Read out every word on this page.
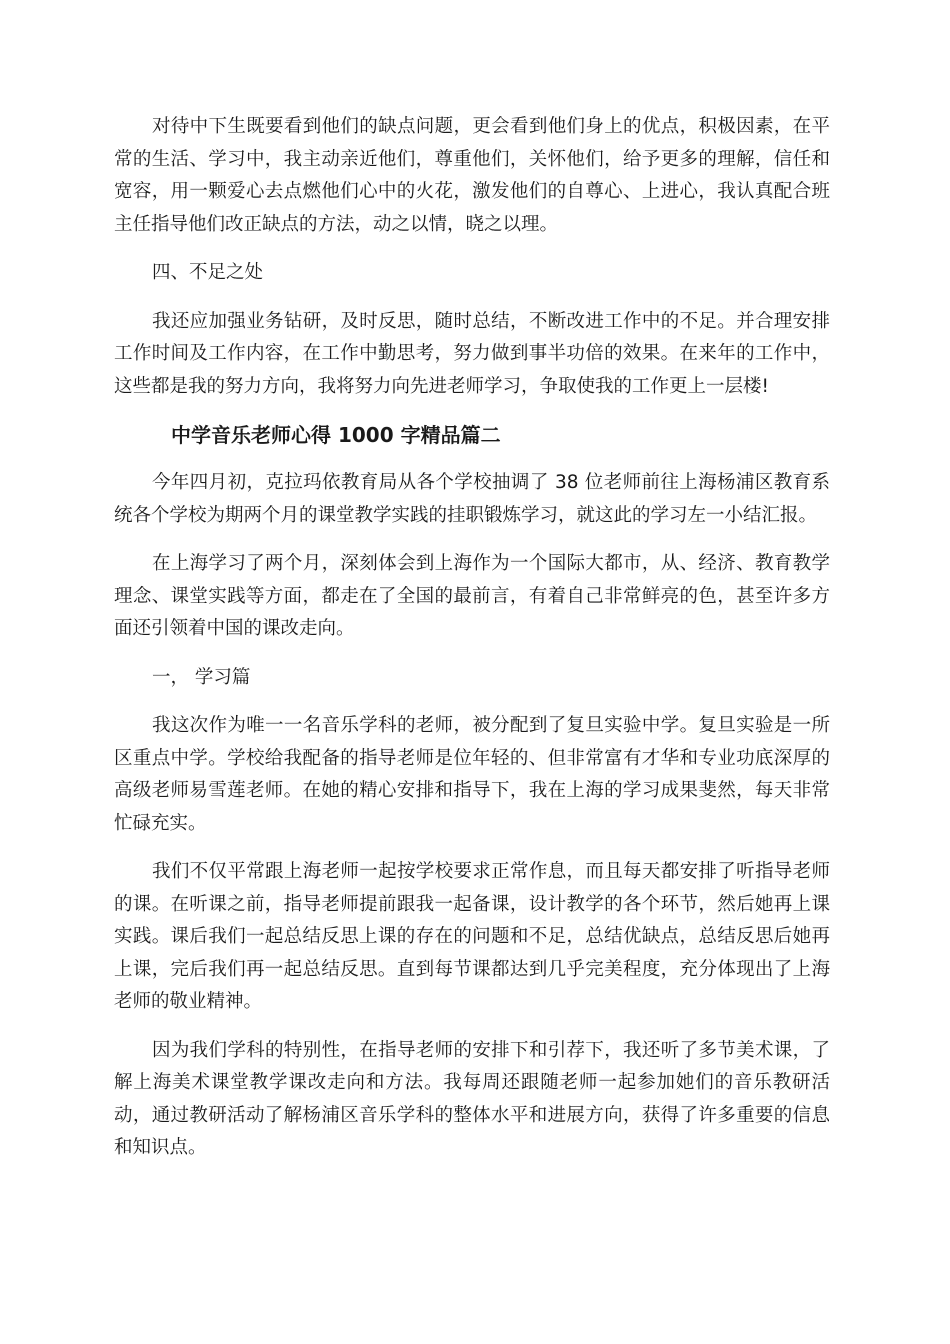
对待中下生既要看到他们的缺点问题，更会看到他们身上的优点，积极因素，在平常的生活、学习中，我主动亲近他们，尊重他们，关怀他们，给予更多的理解，信任和宽容，用一颗爱心去点燃他们心中的火花，激发他们的自尊心、上进心，我认真配合班主任指导他们改正缺点的方法，动之以情，晓之以理。

四、不足之处

我还应加强业务钻研，及时反思，随时总结，不断改进工作中的不足。并合理安排工作时间及工作内容，在工作中勤思考，努力做到事半功倍的效果。在来年的工作中，这些都是我的努力方向，我将努力向先进老师学习，争取使我的工作更上一层楼!

中学音乐老师心得 1000 字精品篇二

今年四月初，克拉玛依教育局从各个学校抽调了 38 位老师前往上海杨浦区教育系统各个学校为期两个月的课堂教学实践的挂职锻炼学习，就这此的学习左一小结汇报。

在上海学习了两个月，深刻体会到上海作为一个国际大都市，从、经济、教育教学理念、课堂实践等方面，都走在了全国的最前言，有着自己非常鲜亮的色，甚至许多方面还引领着中国的课改走向。

一， 学习篇

我这次作为唯一一名音乐学科的老师，被分配到了复旦实验中学。复旦实验是一所区重点中学。学校给我配备的指导老师是位年轻的、但非常富有才华和专业功底深厚的高级老师易雪莲老师。在她的精心安排和指导下，我在上海的学习成果斐然，每天非常忙碌充实。

我们不仅平常跟上海老师一起按学校要求正常作息，而且每天都安排了听指导老师的课。在听课之前，指导老师提前跟我一起备课，设计教学的各个环节，然后她再上课实践。课后我们一起总结反思上课的存在的问题和不足，总结优缺点，总结反思后她再上课，完后我们再一起总结反思。直到每节课都达到几乎完美程度，充分体现出了上海老师的敬业精神。

因为我们学科的特别性，在指导老师的安排下和引荐下，我还听了多节美术课，了解上海美术课堂教学课改走向和方法。我每周还跟随老师一起参加她们的音乐教研活动，通过教研活动了解杨浦区音乐学科的整体水平和进展方向，获得了许多重要的信息和知识点。
